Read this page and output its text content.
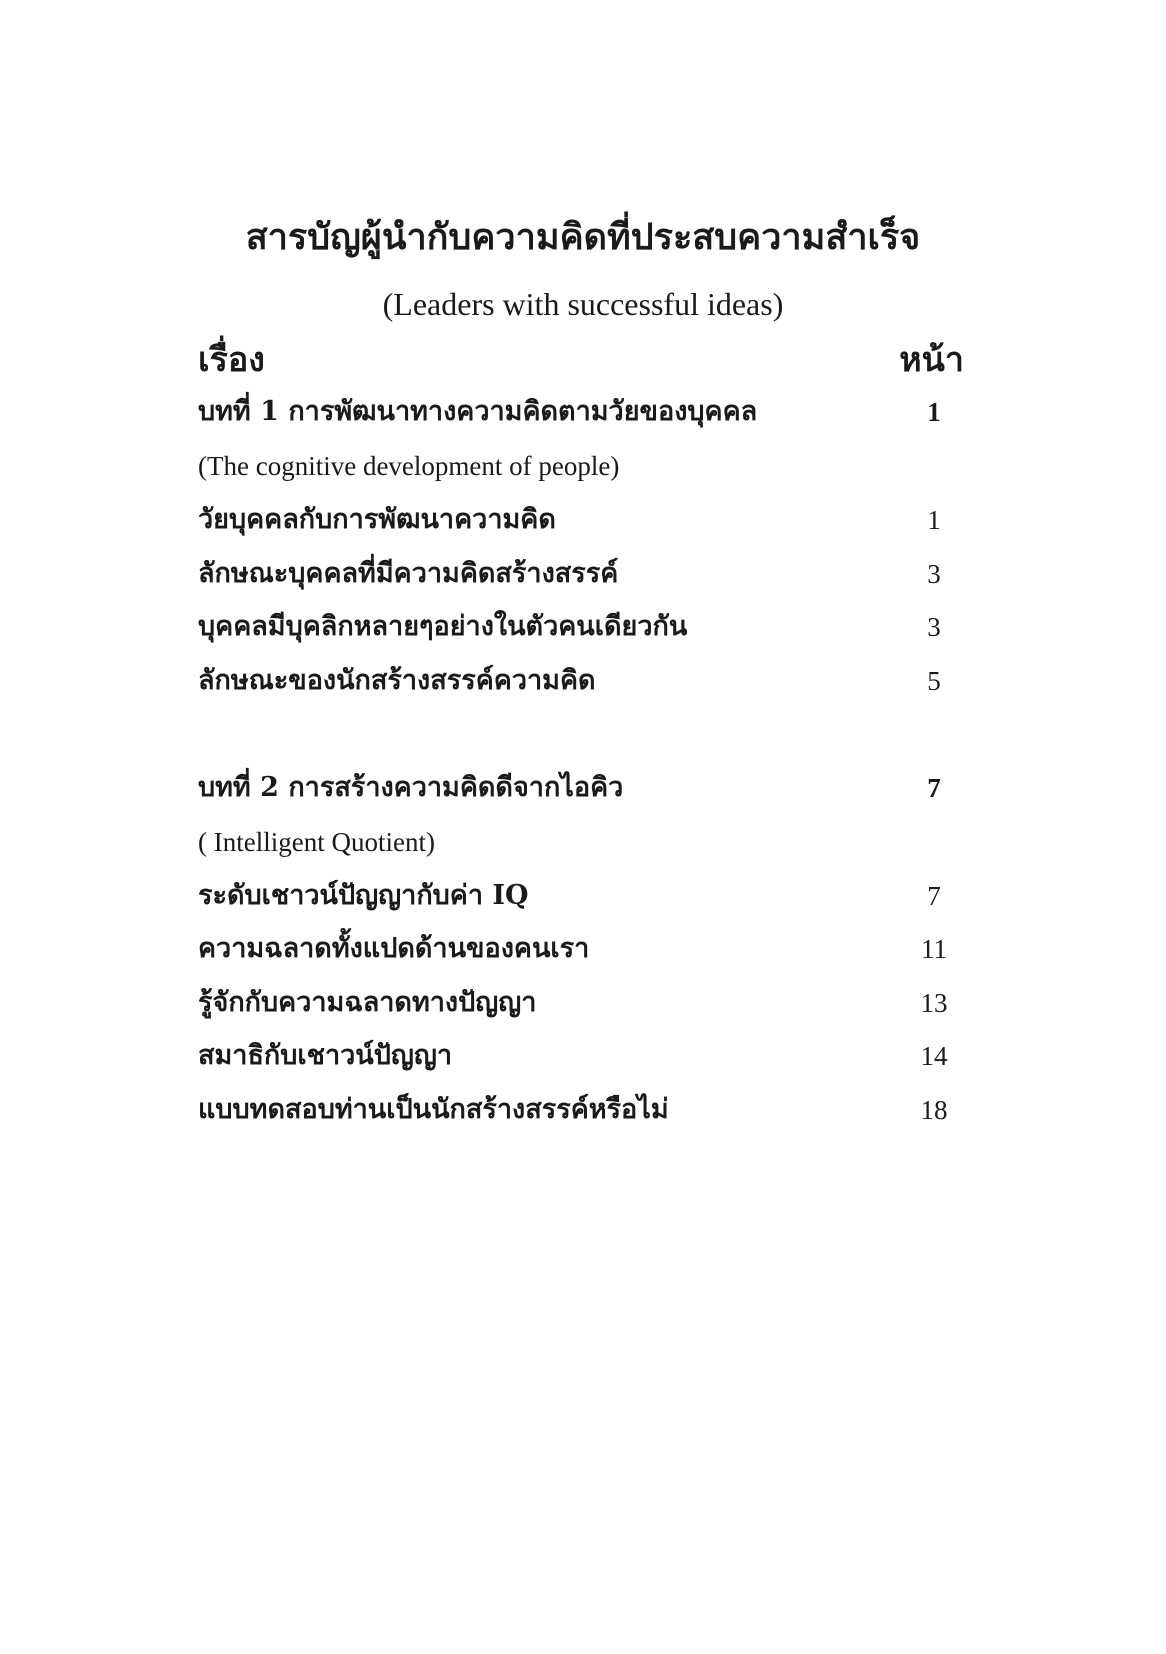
สารบัญผู้นำกับความคิดที่ประสบความสำเร็จ
(Leaders with successful ideas)
เรื่อง	หน้า
บทที่ 1 การพัฒนาทางความคิดตามวัยของบุคคล	1
(The cognitive development of people)
วัยบุคคลกับการพัฒนาความคิด	1
ลักษณะบุคคลที่มีความคิดสร้างสรรค์	3
บุคคลมีบุคลิกหลายๆอย่างในตัวคนเดียวกัน	3
ลักษณะของนักสร้างสรรค์ความคิด	5
บทที่ 2 การสร้างความคิดดีจากไอคิว	7
( Intelligent Quotient)
ระดับเชาวน์ปัญญากับค่า IQ	7
ความฉลาดทั้งแปดด้านของคนเรา	11
รู้จักกับความฉลาดทางปัญญา	13
สมาธิกับเชาวน์ปัญญา	14
แบบทดสอบท่านเป็นนักสร้างสรรค์หรือไม่	18
